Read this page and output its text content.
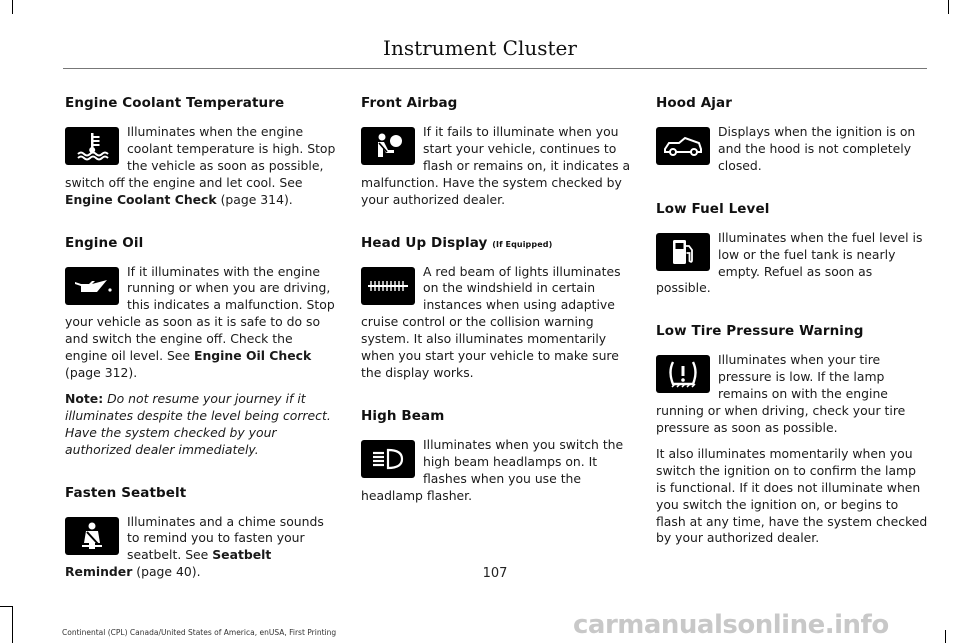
Instrument Cluster
Engine Coolant Temperature
Illuminates when the engine coolant temperature is high. Stop the vehicle as soon as possible, switch off the engine and let cool. See Engine Coolant Check (page 314).
Engine Oil
If it illuminates with the engine running or when you are driving, this indicates a malfunction. Stop your vehicle as soon as it is safe to do so and switch the engine off. Check the engine oil level. See Engine Oil Check (page 312).
Note: Do not resume your journey if it illuminates despite the level being correct. Have the system checked by your authorized dealer immediately.
Fasten Seatbelt
Illuminates and a chime sounds to remind you to fasten your seatbelt. See Seatbelt Reminder (page 40).
Front Airbag
If it fails to illuminate when you start your vehicle, continues to flash or remains on, it indicates a malfunction. Have the system checked by your authorized dealer.
Head Up Display (If Equipped)
A red beam of lights illuminates on the windshield in certain instances when using adaptive cruise control or the collision warning system. It also illuminates momentarily when you start your vehicle to make sure the display works.
High Beam
Illuminates when you switch the high beam headlamps on. It flashes when you use the headlamp flasher.
Hood Ajar
Displays when the ignition is on and the hood is not completely closed.
Low Fuel Level
Illuminates when the fuel level is low or the fuel tank is nearly empty. Refuel as soon as possible.
Low Tire Pressure Warning
Illuminates when your tire pressure is low. If the lamp remains on with the engine running or when driving, check your tire pressure as soon as possible.
It also illuminates momentarily when you switch the ignition on to confirm the lamp is functional. If it does not illuminate when you switch the ignition on, or begins to flash at any time, have the system checked by your authorized dealer.
107
Continental (CPL) Canada/United States of America, enUSA, First Printing	carmanualsonline.info
